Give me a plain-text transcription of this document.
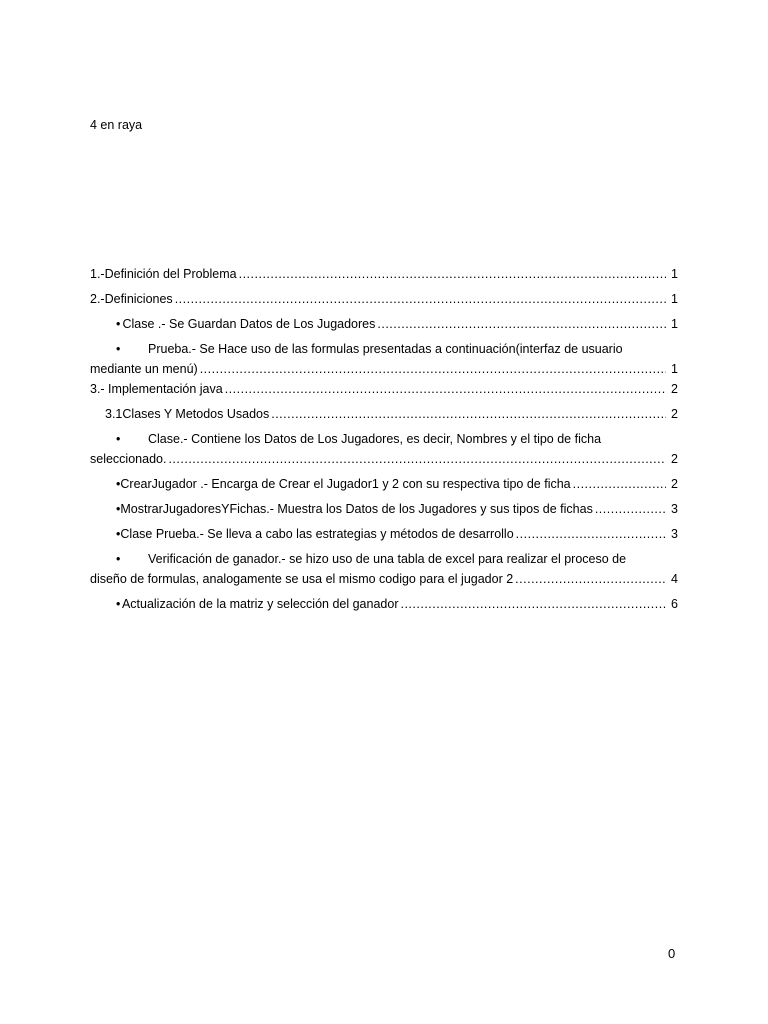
4 en raya
1.-Definición del Problema .....	1
2.-Definiciones .....	1
• Clase .- Se Guardan Datos de Los Jugadores .....	1
• Prueba.- Se Hace uso de las formulas presentadas a continuación(interfaz de usuario
mediante un menú) .....	1
3.- Implementación java .....	2
3.1 Clases Y Metodos Usados .....	2
• Clase.- Contiene los Datos de Los Jugadores, es decir, Nombres y el tipo de ficha
seleccionado. .....	2
• CrearJugador .- Encarga de Crear el Jugador1 y 2 con su respectiva tipo de ficha .....	2
• MostrarJugadoresYFichas.- Muestra los Datos de los Jugadores y sus tipos de fichas .....	3
• Clase Prueba.- Se lleva a cabo las estrategias y métodos de desarrollo .....	3
• Verificación de ganador.- se hizo uso de una tabla de excel para realizar el proceso de
diseño de formulas, analogamente se usa el mismo codigo para el jugador 2 .....	4
• Actualización de la matriz y selección del ganador .....	6
0
